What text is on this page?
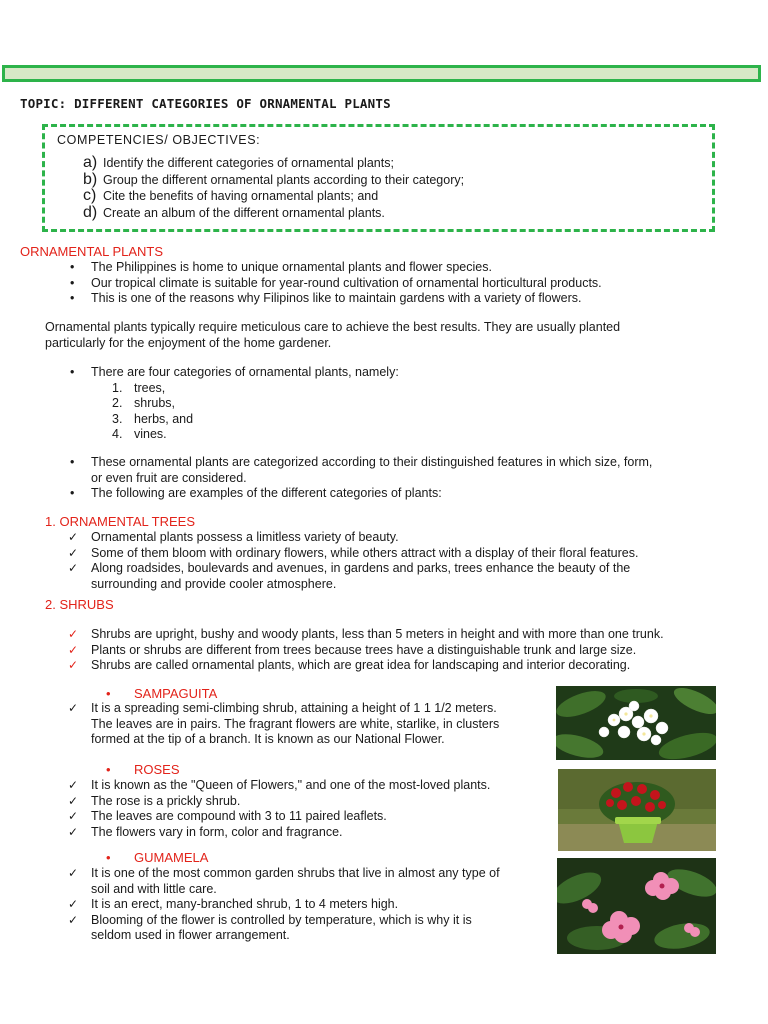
TOPIC: DIFFERENT CATEGORIES OF ORNAMENTAL PLANTS
COMPETENCIES/ OBJECTIVES:
a) Identify the different categories of ornamental plants;
b) Group the different ornamental plants according to their category;
c) Cite the benefits of having ornamental plants; and
d) Create an album of the different ornamental plants.
ORNAMENTAL PLANTS
• The Philippines is home to unique ornamental plants and flower species.
• Our tropical climate is suitable for year-round cultivation of ornamental horticultural products.
• This is one of the reasons why Filipinos like to maintain gardens with a variety of flowers.
Ornamental plants typically require meticulous care to achieve the best results. They are usually planted
particularly for the enjoyment of the home gardener.
• There are four categories of ornamental plants, namely:
1. trees,
2. shrubs,
3. herbs, and
4. vines.
• These ornamental plants are categorized according to their distinguished features in which size, form,
or even fruit are considered.
• The following are examples of the different categories of plants:
1. ORNAMENTAL TREES
✓ Ornamental plants possess a limitless variety of beauty.
✓ Some of them bloom with ordinary flowers, while others attract with a display of their floral features.
✓ Along roadsides, boulevards and avenues, in gardens and parks, trees enhance the beauty of the
surrounding and provide cooler atmosphere.
2. SHRUBS
✓ Shrubs are upright, bushy and woody plants, less than 5 meters in height and with more than one trunk.
✓ Plants or shrubs are different from trees because trees have a distinguishable trunk and large size.
✓ Shrubs are called ornamental plants, which are great idea for landscaping and interior decorating.
• SAMPAGUITA
✓ It is a spreading semi-climbing shrub, attaining a height of 1 1 1/2 meters.
The leaves are in pairs. The fragrant flowers are white, starlike, in clusters
formed at the tip of a branch. It is known as our National Flower.
• ROSES
✓ It is known as the "Queen of Flowers," and one of the most-loved plants.
✓ The rose is a prickly shrub.
✓ The leaves are compound with 3 to 11 paired leaflets.
✓ The flowers vary in form, color and fragrance.
• GUMAMELA
✓ It is one of the most common garden shrubs that live in almost any type of
soil and with little care.
✓ It is an erect, many-branched shrub, 1 to 4 meters high.
✓ Blooming of the flower is controlled by temperature, which is why it is
seldom used in flower arrangement.
